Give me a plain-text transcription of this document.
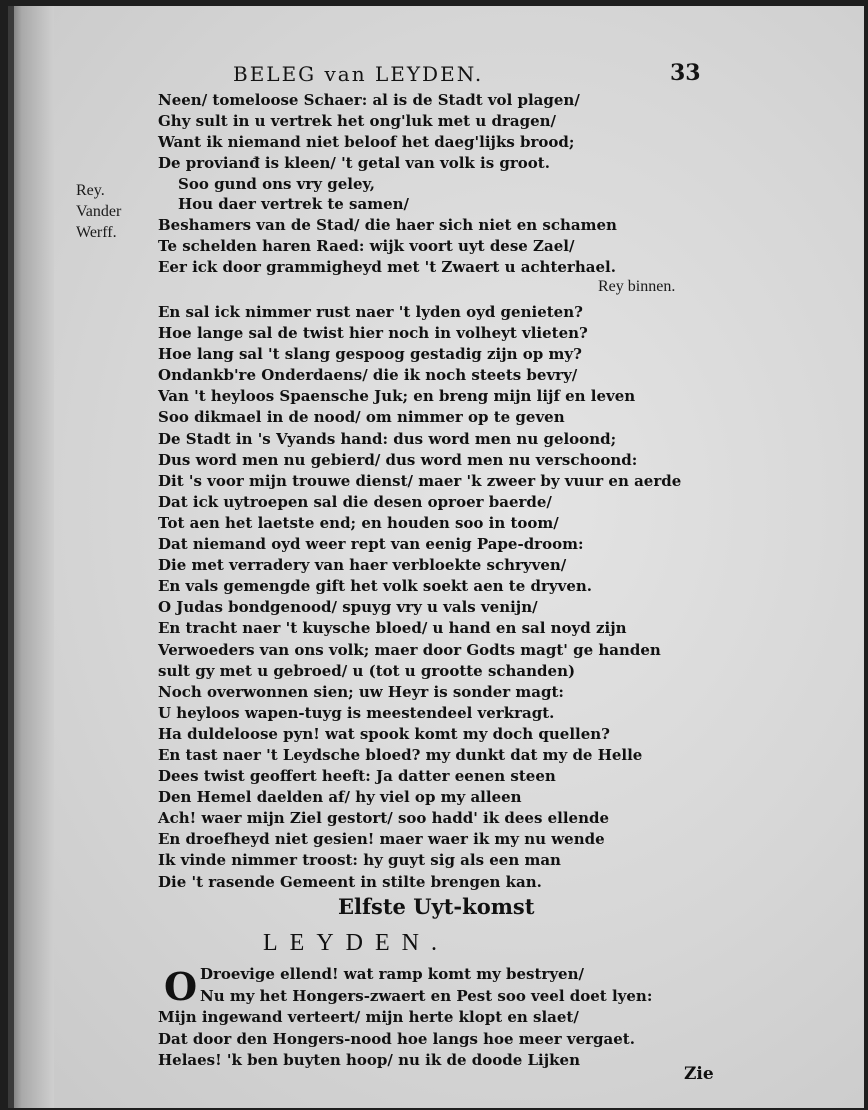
BELEG van LEYDEN.	33
Rey.
Vander
Werff.
Neen/ tomeloose Schaer: al is de Stadt vol plagen/
Ghy sult in u vertrek het ong'luk met u dragen/
Want ik niemand niet beloof het daeg'lijks brood;
De provianđ is kleen/ 't getal van volk is groot.
Soo gund ons vry geley,
Hou daer vertrek te samen/
Beshamers van de Stad/ die haer sich niet en schamen
Te schelden haren Raed: wijk voort uyt dese Zael/
Eer ick door grammigheyd met 't Zwaert u achterhael.
Rey binnen.
En sal ick nimmer rust naer 't lyden oyd genieten?
Hoe lange sal de twist hier noch in volheyt vlieten?
Hoe lang sal 't slang gespoog gestadig zijn op my?
Ondankb're Onderdaens/ die ik noch steets bevry/
Van 't heyloos Spaensche Juk; en breng mijn lijf en leven
Soo dikmael in de nood/ om nimmer op te geven
De Stadt in 's Vyands hand: dus word men nu geloond;
Dus word men nu gebierd/ dus word men nu verschoond:
Dit 's voor mijn trouwe dienst/ maer 'k zweer by vuur en aerde
Dat ick uytroepen sal die desen oproer baerde/
Tot aen het laetste end; en houden soo in toom/
Dat niemand oyd weer rept van eenig Pape-droom:
Die met verradery van haer verbloekte schryven/
En vals gemengde gift het volk soekt aen te dryven.
O Judas bondgenood/ spuyg vry u vals venijn/
En tracht naer 't kuysche bloed/ u hand en sal noyd zijn
Verwoeders van ons volk; maer door Godts magt' ge handen
sult gy met u gebroed/ u (tot u grootte schanden)
Noch overwonnen sien; uw Heyr is sonder magt:
U heyloos wapen-tuyg is meestendeel verkragt.
Ha duldeloose pyn! wat spook komt my doch quellen?
En tast naer 't Leydsche bloed? my dunkt dat my de Helle
Dees twist geoffert heeft: Ja datter eenen steen
Den Hemel daelden af/ hy viel op my alleen
Ach! waer mijn Ziel gestort/ soo hadd' ik dees ellende
En droefheyd niet gesien! maer waer ik my nu wende
Ik vinde nimmer troost: hy guyt sig als een man
Die 't rasende Gemeent in stilte brengen kan.
Elfste Uyt-komst
LEYDEN.
O Droevige ellend! wat ramp komt my bestryen/
Nu my het Hongers-zwaert en Pest soo veel doet lyen:
Mijn ingewand verteert/ mijn herte klopt en slaet/
Dat door den Hongers-nood hoe langs hoe meer vergaet.
Helaes! 'k ben buyten hoop/ nu ik de doode Lijken
Zie
